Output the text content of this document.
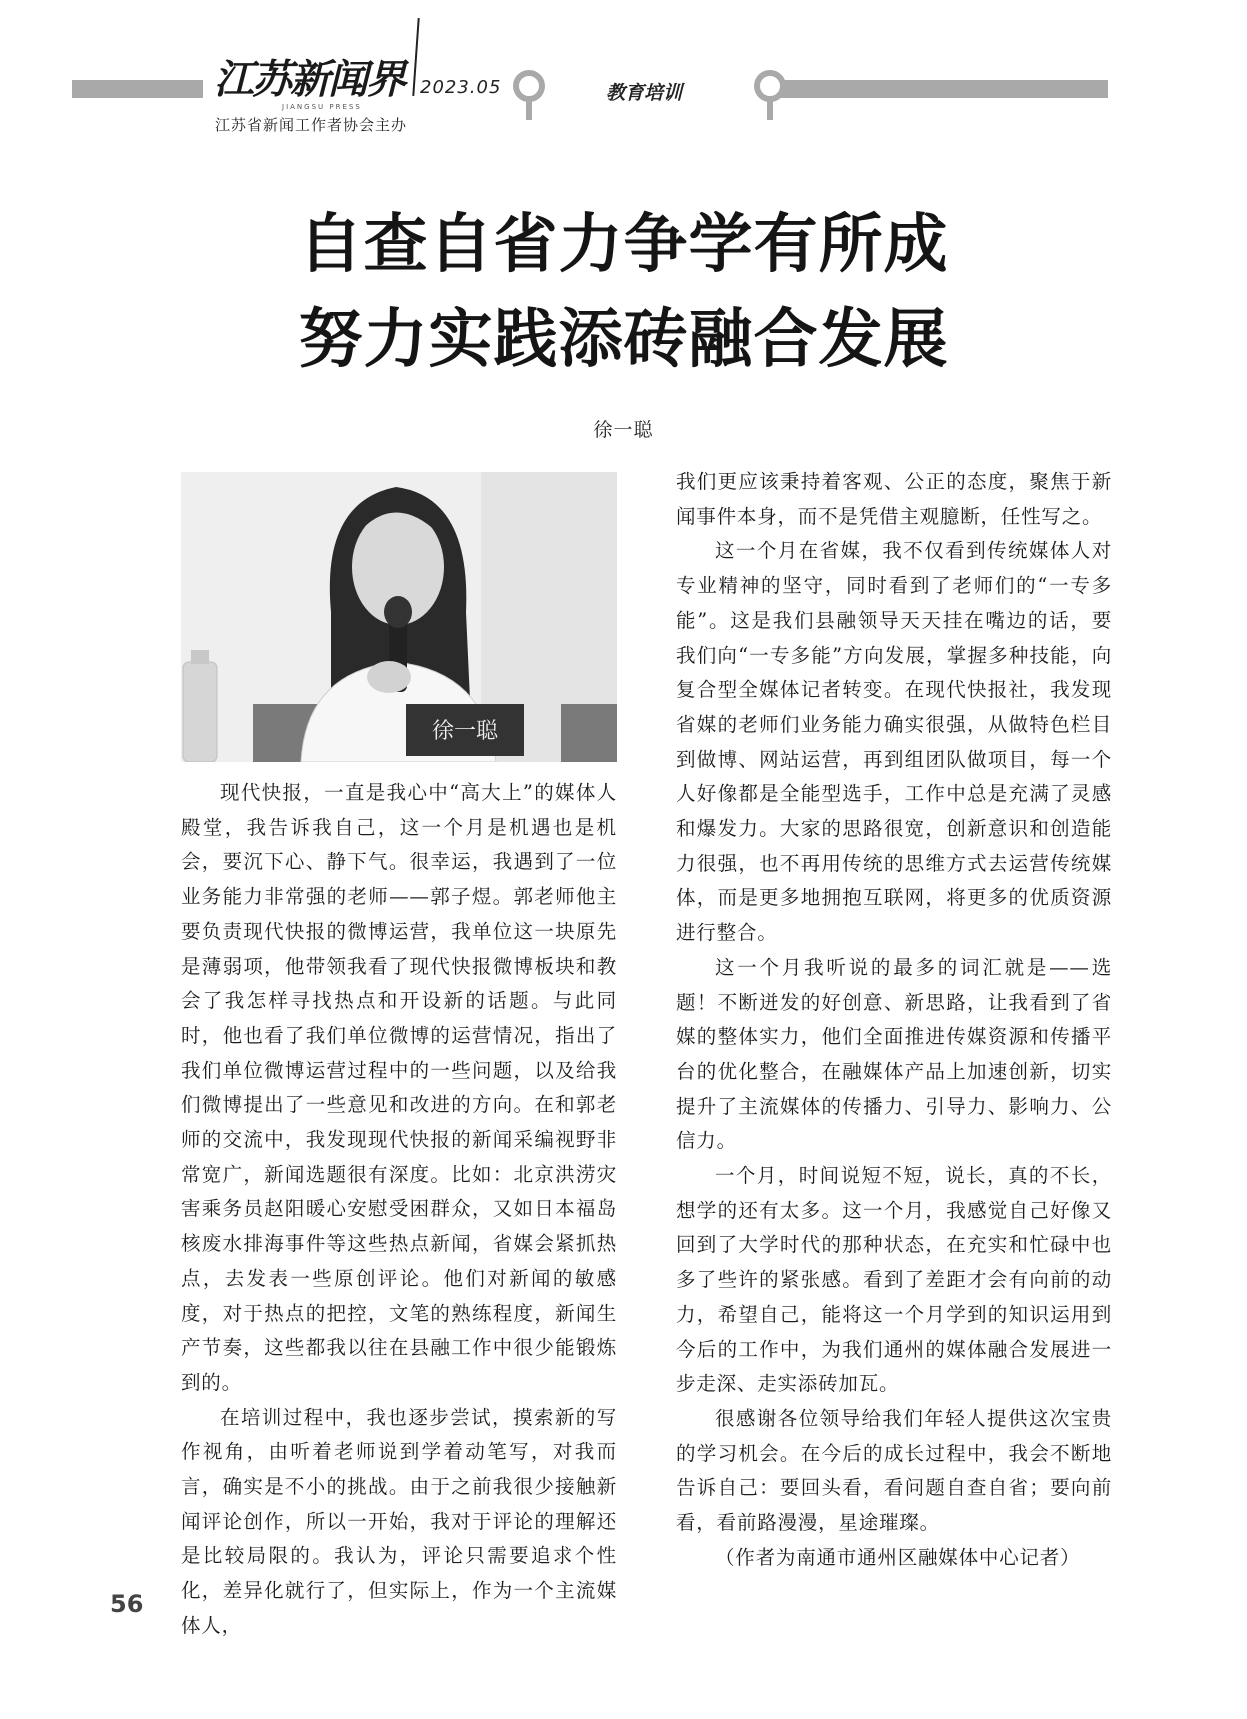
江苏新闻界
JIANGSU PRESS
2023.05
江苏省新闻工作者协会主办
教育培训
自查自省力争学有所成
努力实践添砖融合发展
徐一聪
徐一聪

现代快报，一直是我心中“高大上”的媒体人殿堂，我告诉我自己，这一个月是机遇也是机会，要沉下心、静下气。很幸运，我遇到了一位业务能力非常强的老师——郭子煜。郭老师他主要负责现代快报的微博运营，我单位这一块原先是薄弱项，他带领我看了现代快报微博板块和教会了我怎样寻找热点和开设新的话题。与此同时，他也看了我们单位微博的运营情况，指出了我们单位微博运营过程中的一些问题，以及给我们微博提出了一些意见和改进的方向。在和郭老师的交流中，我发现现代快报的新闻采编视野非常宽广，新闻选题很有深度。比如：北京洪涝灾害乘务员赵阳暖心安慰受困群众，又如日本福岛核废水排海事件等这些热点新闻，省媒会紧抓热点，去发表一些原创评论。他们对新闻的敏感度，对于热点的把控，文笔的熟练程度，新闻生产节奏，这些都我以往在县融工作中很少能锻炼到的。

在培训过程中，我也逐步尝试，摸索新的写作视角，由听着老师说到学着动笔写，对我而言，确实是不小的挑战。由于之前我很少接触新闻评论创作，所以一开始，我对于评论的理解还是比较局限的。我认为，评论只需要追求个性化，差异化就行了，但实际上，作为一个主流媒体人，

我们更应该秉持着客观、公正的态度，聚焦于新闻事件本身，而不是凭借主观臆断，任性写之。

这一个月在省媒，我不仅看到传统媒体人对专业精神的坚守，同时看到了老师们的“一专多能”。这是我们县融领导天天挂在嘴边的话，要我们向“一专多能”方向发展，掌握多种技能，向复合型全媒体记者转变。在现代快报社，我发现省媒的老师们业务能力确实很强，从做特色栏目到做博、网站运营，再到组团队做项目，每一个人好像都是全能型选手，工作中总是充满了灵感和爆发力。大家的思路很宽，创新意识和创造能力很强，也不再用传统的思维方式去运营传统媒体，而是更多地拥抱互联网，将更多的优质资源进行整合。

这一个月我听说的最多的词汇就是——选题！不断迸发的好创意、新思路，让我看到了省媒的整体实力，他们全面推进传媒资源和传播平台的优化整合，在融媒体产品上加速创新，切实提升了主流媒体的传播力、引导力、影响力、公信力。

一个月，时间说短不短，说长，真的不长，想学的还有太多。这一个月，我感觉自己好像又回到了大学时代的那种状态，在充实和忙碌中也多了些许的紧张感。看到了差距才会有向前的动力，希望自己，能将这一个月学到的知识运用到今后的工作中，为我们通州的媒体融合发展进一步走深、走实添砖加瓦。

很感谢各位领导给我们年轻人提供这次宝贵的学习机会。在今后的成长过程中，我会不断地告诉自己：要回头看，看问题自查自省；要向前看，看前路漫漫，星途璀璨。

（作者为南通市通州区融媒体中心记者）

56
